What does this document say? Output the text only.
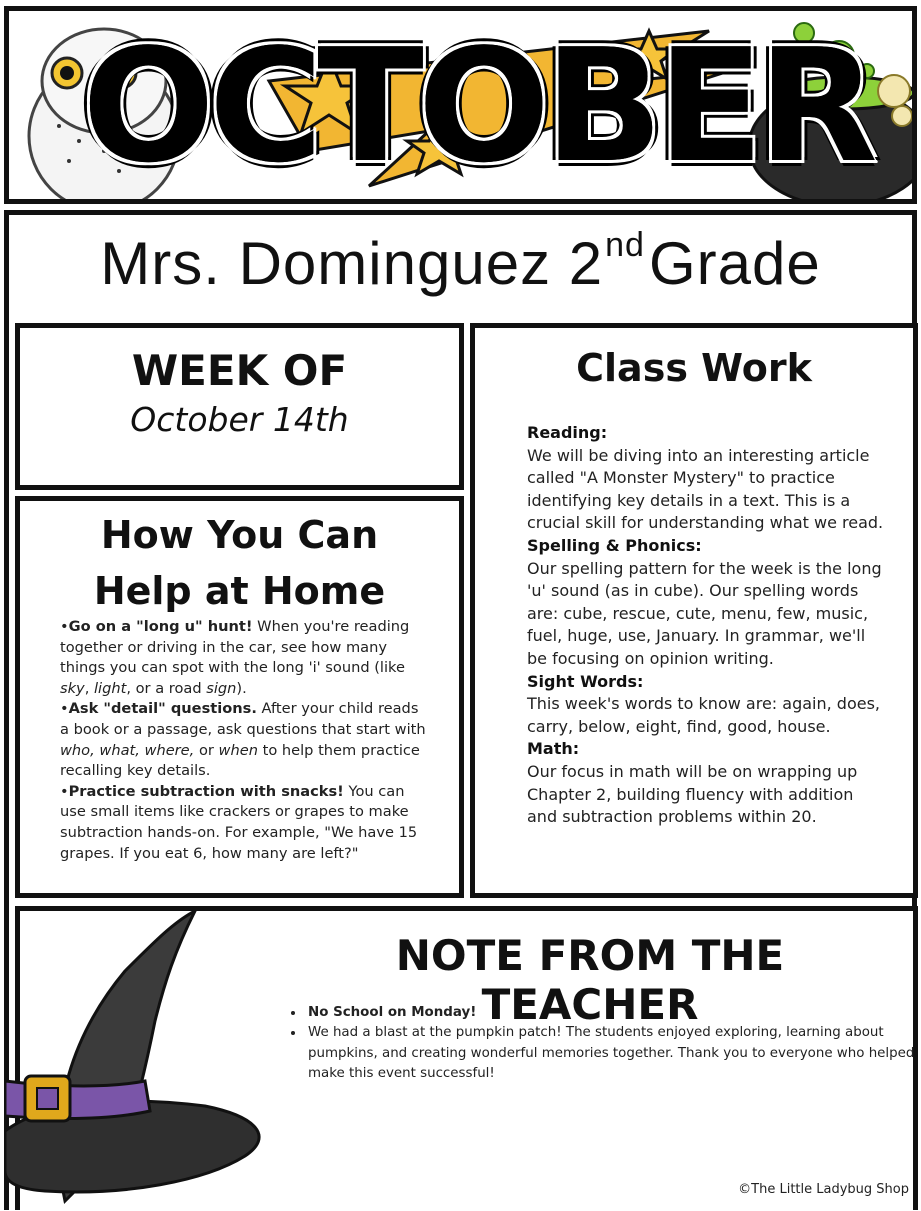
OCTOBER
Mrs. Dominguez 2ndGrade
WEEK OF
October 14th
How You Can
Help at Home

•Go on a "long u" hunt! When you're reading together or driving in the car, see how many things you can spot with the long 'i' sound (like sky, light, or a road sign).

•Ask "detail" questions. After your child reads a book or a passage, ask questions that start with who, what, where, or when to help them practice recalling key details.

•Practice subtraction with snacks! You can use small items like crackers or grapes to make subtraction hands-on. For example, "We have 15 grapes. If you eat 6, how many are left?"

Class Work

Reading:

We will be diving into an interesting article called "A Monster Mystery" to practice identifying key details in a text. This is a crucial skill for understanding what we read.

Spelling & Phonics:

Our spelling pattern for the week is the long 'u' sound (as in cube). Our spelling words are: cube, rescue, cute, menu, few, music, fuel, huge, use, January. In grammar, we'll be focusing on opinion writing.

Sight Words:

This week's words to know are: again, does, carry, below, eight, find, good, house.

Math:

Our focus in math will be on wrapping up Chapter 2, building fluency with addition and subtraction problems within 20.

NOTE FROM THE TEACHER
• No School on Monday!
• We had a blast at the pumpkin patch! The students enjoyed exploring, learning about pumpkins, and creating wonderful memories together. Thank you to everyone who helped make this event successful!
©The Little Ladybug Shop
